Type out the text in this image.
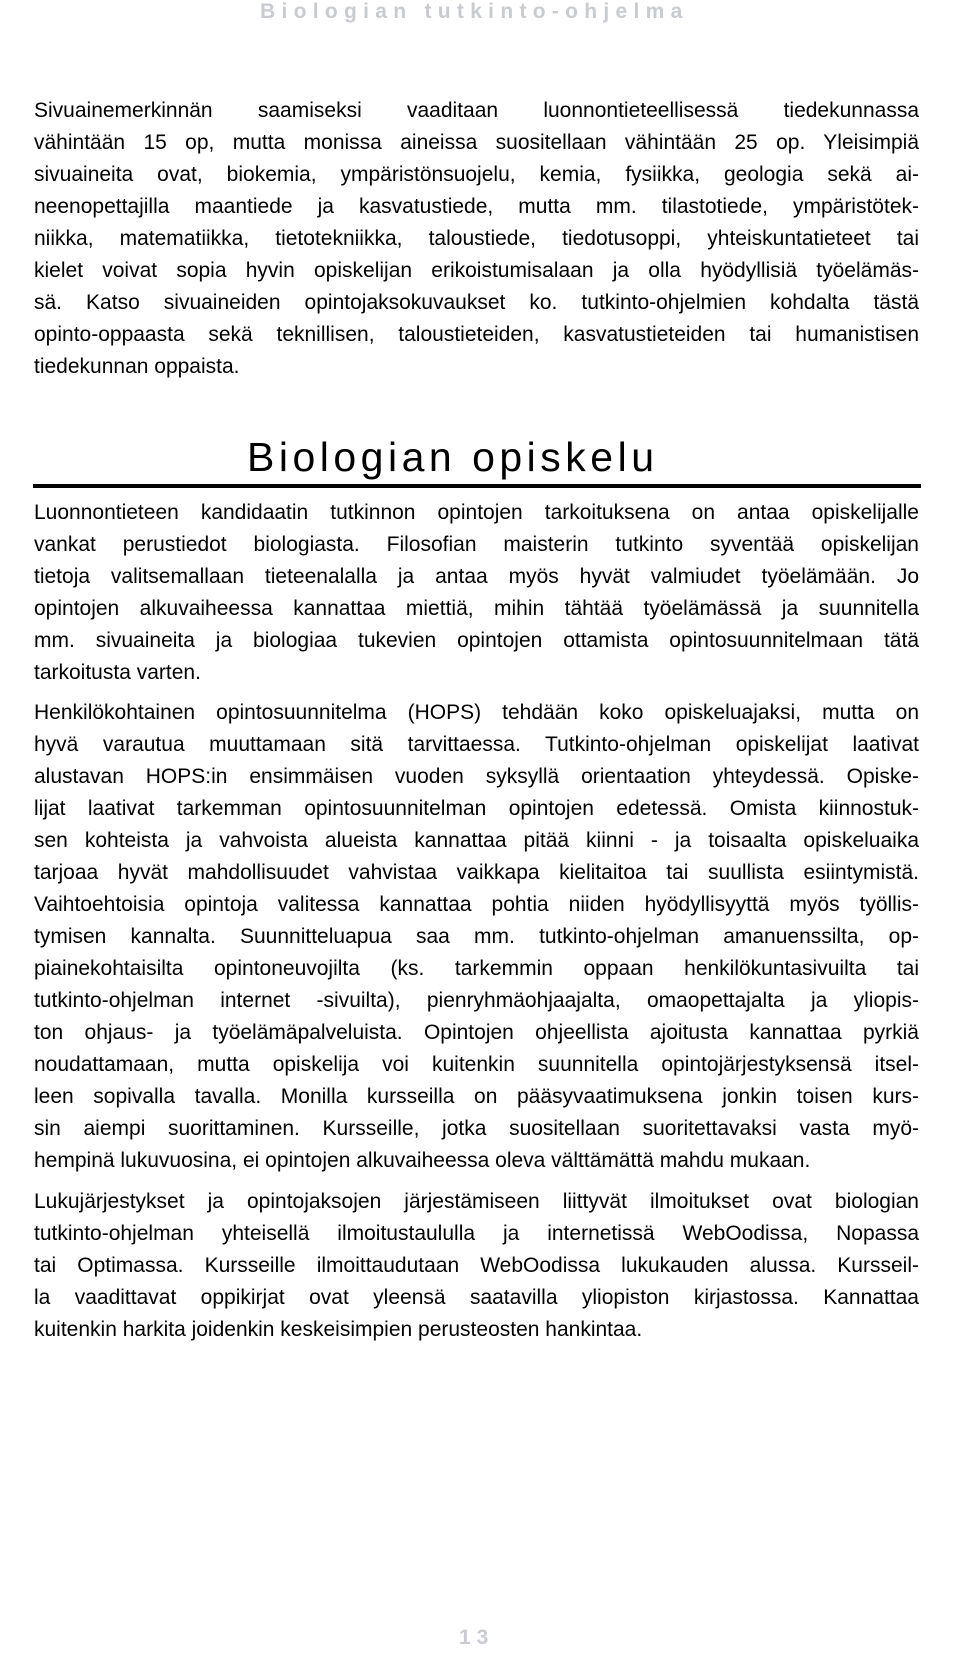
Biologian tutkinto-ohjelma
Sivuainemerkinnän saamiseksi vaaditaan luonnontieteellisessä tiedekunnassa
vähintään 15 op, mutta monissa aineissa suositellaan vähintään 25 op. Yleisimpiä
sivuaineita ovat, biokemia, ympäristönsuojelu, kemia, fysiikka, geologia sekä ai-
neenopettajilla maantiede ja kasvatustiede, mutta mm. tilastotiede, ympäristötek-
niikka, matematiikka, tietotekniikka, taloustiede, tiedotusoppi, yhteiskuntatieteet tai
kielet voivat sopia hyvin opiskelijan erikoistumisalaan ja olla hyödyllisiä työelämäs-
sä. Katso sivuaineiden opintojaksokuvaukset ko. tutkinto-ohjelmien kohdalta tästä
opinto-oppaasta sekä teknillisen, taloustieteiden, kasvatustieteiden tai humanistisen
tiedekunnan oppaista.
Biologian opiskelu
Luonnontieteen kandidaatin tutkinnon opintojen tarkoituksena on antaa opiskelijalle
vankat perustiedot biologiasta. Filosofian maisterin tutkinto syventää opiskelijan
tietoja valitsemallaan tieteenalalla ja antaa myös hyvät valmiudet työelämään. Jo
opintojen alkuvaiheessa kannattaa miettiä, mihin tähtää työelämässä ja suunnitella
mm. sivuaineita ja biologiaa tukevien opintojen ottamista opintosuunnitelmaan tätä
tarkoitusta varten.
Henkilökohtainen opintosuunnitelma (HOPS) tehdään koko opiskeluajaksi, mutta on
hyvä varautua muuttamaan sitä tarvittaessa. Tutkinto-ohjelman opiskelijat laativat
alustavan HOPS:in ensimmäisen vuoden syksyllä orientaation yhteydessä. Opiske-
lijat laativat tarkemman opintosuunnitelman opintojen edetessä. Omista kiinnostuk-
sen kohteista ja vahvoista alueista kannattaa pitää kiinni - ja toisaalta opiskeluaika
tarjoaa hyvät mahdollisuudet vahvistaa vaikkapa kielitaitoa tai suullista esiintymistä.
Vaihtoehtoisia opintoja valitessa kannattaa pohtia niiden hyödyllisyyttä myös työllis-
tymisen kannalta. Suunnitteluapua saa mm. tutkinto-ohjelman amanuenssilta, op-
piainekohtaisilta opintoneuvojilta (ks. tarkemmin oppaan henkilökuntasivuilta tai
tutkinto-ohjelman internet -sivuilta), pienryhmäohjaajalta, omaopettajalta ja yliopis-
ton ohjaus- ja työelämäpalveluista. Opintojen ohjeellista ajoitusta kannattaa pyrkiä
noudattamaan, mutta opiskelija voi kuitenkin suunnitella opintojärjestyksensä itsel-
leen sopivalla tavalla. Monilla kursseilla on pääsyvaatimuksena jonkin toisen kurs-
sin aiempi suorittaminen. Kursseille, jotka suositellaan suoritettavaksi vasta myö-
hempinä lukuvuosina, ei opintojen alkuvaiheessa oleva välttämättä mahdu mukaan.
Lukujärjestykset ja opintojaksojen järjestämiseen liittyvät ilmoitukset ovat biologian
tutkinto-ohjelman yhteisellä ilmoitustaululla ja internetissä WebOodissa, Nopassa
tai Optimassa. Kursseille ilmoittaudutaan WebOodissa lukukauden alussa. Kursseil-
la vaadittavat oppikirjat ovat yleensä saatavilla yliopiston kirjastossa. Kannattaa
kuitenkin harkita joidenkin keskeisimpien perusteosten hankintaa.
13
